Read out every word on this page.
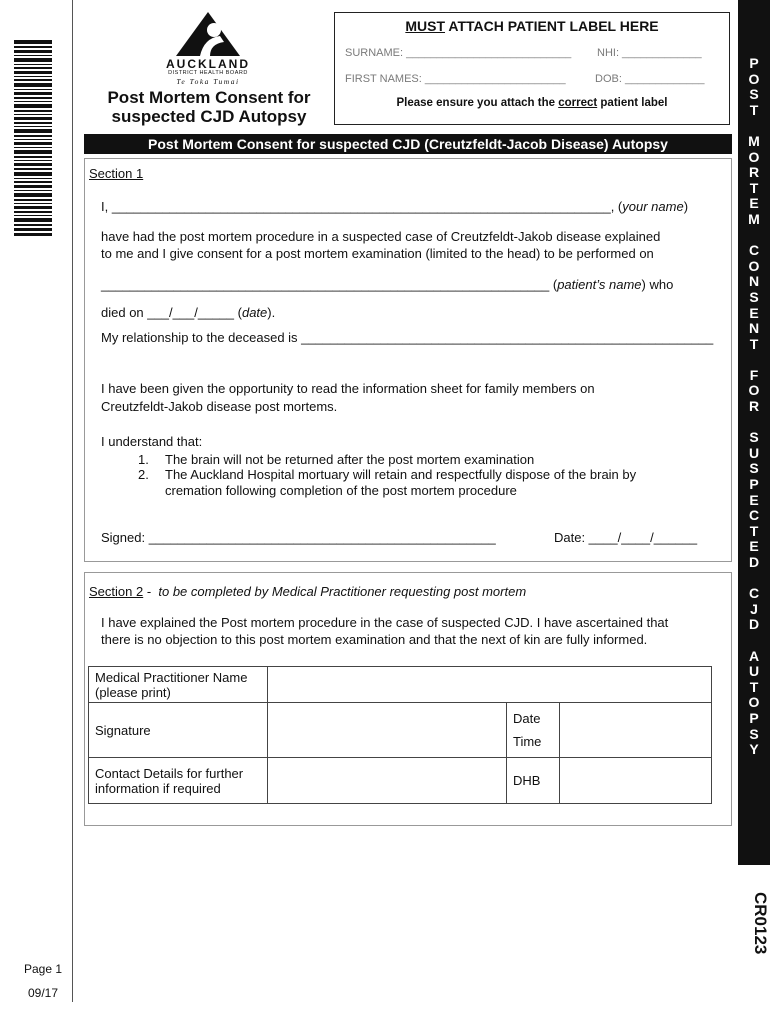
Page 1
09/17
AUCKLAND
DISTRICT HEALTH BOARD
Te Toka Tumai
Post Mortem Consent for
suspected CJD Autopsy
MUST ATTACH PATIENT LABEL HERE
SURNAME: ___________________________ NHI: _____________
FIRST NAMES: _______________________	DOB: _____________
Please ensure you attach the correct patient label
Post Mortem Consent for suspected CJD (Creutzfeldt-Jacob Disease) Autopsy
Section 1
I, _____________________________________________________________________, (your name)
have had the post mortem procedure in a suspected case of Creutzfeldt-Jakob disease explained
to me and I give consent for a post mortem examination (limited to the head) to be performed on
______________________________________________________________ (patient’s name) who
died on ___/___/_____ (date).
My relationship to the deceased is _________________________________________________________
I have been given the opportunity to read the information sheet for family members on
Creutzfeldt-Jakob disease post mortems.
I understand that:
1. The brain will not be returned after the post mortem examination
2. The Auckland Hospital mortuary will retain and respectfully dispose of the brain by
cremation following completion of the post mortem procedure
Signed: ________________________________________________	Date: ____/____/______
Section 2 -  to be completed by Medical Practitioner requesting post mortem
I have explained the Post mortem procedure in the case of suspected CJD. I have ascertained that
there is no objection to this post mortem examination and that the next of kin are fully informed.
Medical Practitioner Name
(please print)			

Signature		Date
Time	

Contact Details for further
information if required		DHB	
P
O
S
T
M
O
R
T
E
M
C
O
N
S
E
N
T
F
O
R
S
U
S
P
E
C
T
E
D
C
J
D
A
U
T
O
P
S
Y
CR0123
